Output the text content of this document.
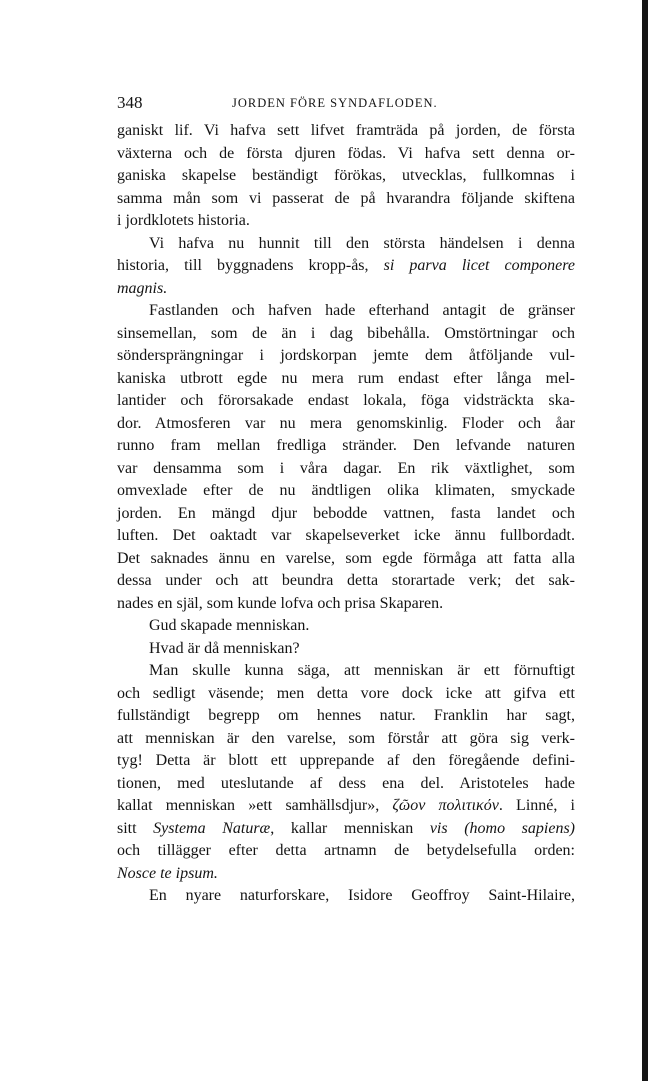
348	JORDEN FÖRE SYNDAFLODEN.

ganiskt lif. Vi hafva sett lifvet framträda på jorden, de första

växterna och de första djuren födas. Vi hafva sett denna or-

ganiska skapelse beständigt förökas, utvecklas, fullkomnas i

samma mån som vi passerat de på hvarandra följande skiftena

i jordklotets historia.

Vi hafva nu hunnit till den största händelsen i denna

historia, till byggnadens kropp-ås, si parva licet componere

magnis.

Fastlanden och hafven hade efterhand antagit de gränser

sinsemellan, som de än i dag bibehålla. Omstörtningar och

söndersprängningar i jordskorpan jemte dem åtföljande vul-

kaniska utbrott egde nu mera rum endast efter långa mel-

lantider och förorsakade endast lokala, föga vidsträckta ska-

dor. Atmosferen var nu mera genomskinlig. Floder och åar

runno fram mellan fredliga stränder. Den lefvande naturen

var densamma som i våra dagar. En rik växtlighet, som

omvexlade efter de nu ändtligen olika klimaten, smyckade

jorden. En mängd djur bebodde vattnen, fasta landet och

luften. Det oaktadt var skapelseverket icke ännu fullbordadt.

Det saknades ännu en varelse, som egde förmåga att fatta alla

dessa under och att beundra detta storartade verk; det sak-

nades en själ, som kunde lofva och prisa Skaparen.

Gud skapade menniskan.

Hvad är då menniskan?

Man skulle kunna säga, att menniskan är ett förnuftigt

och sedligt väsende; men detta vore dock icke att gifva ett

fullständigt begrepp om hennes natur. Franklin har sagt,

att menniskan är den varelse, som förstår att göra sig verk-

tyg! Detta är blott ett upprepande af den föregående defini-

tionen, med uteslutande af dess ena del. Aristoteles hade

kallat menniskan »ett samhällsdjur», ζῶον πολιτικόν. Linné, i

sitt Systema Naturæ, kallar menniskan vis (homo sapiens)

och tillägger efter detta artnamn de betydelsefulla orden:

Nosce te ipsum.

En nyare naturforskare, Isidore Geoffroy Saint-Hilaire,
